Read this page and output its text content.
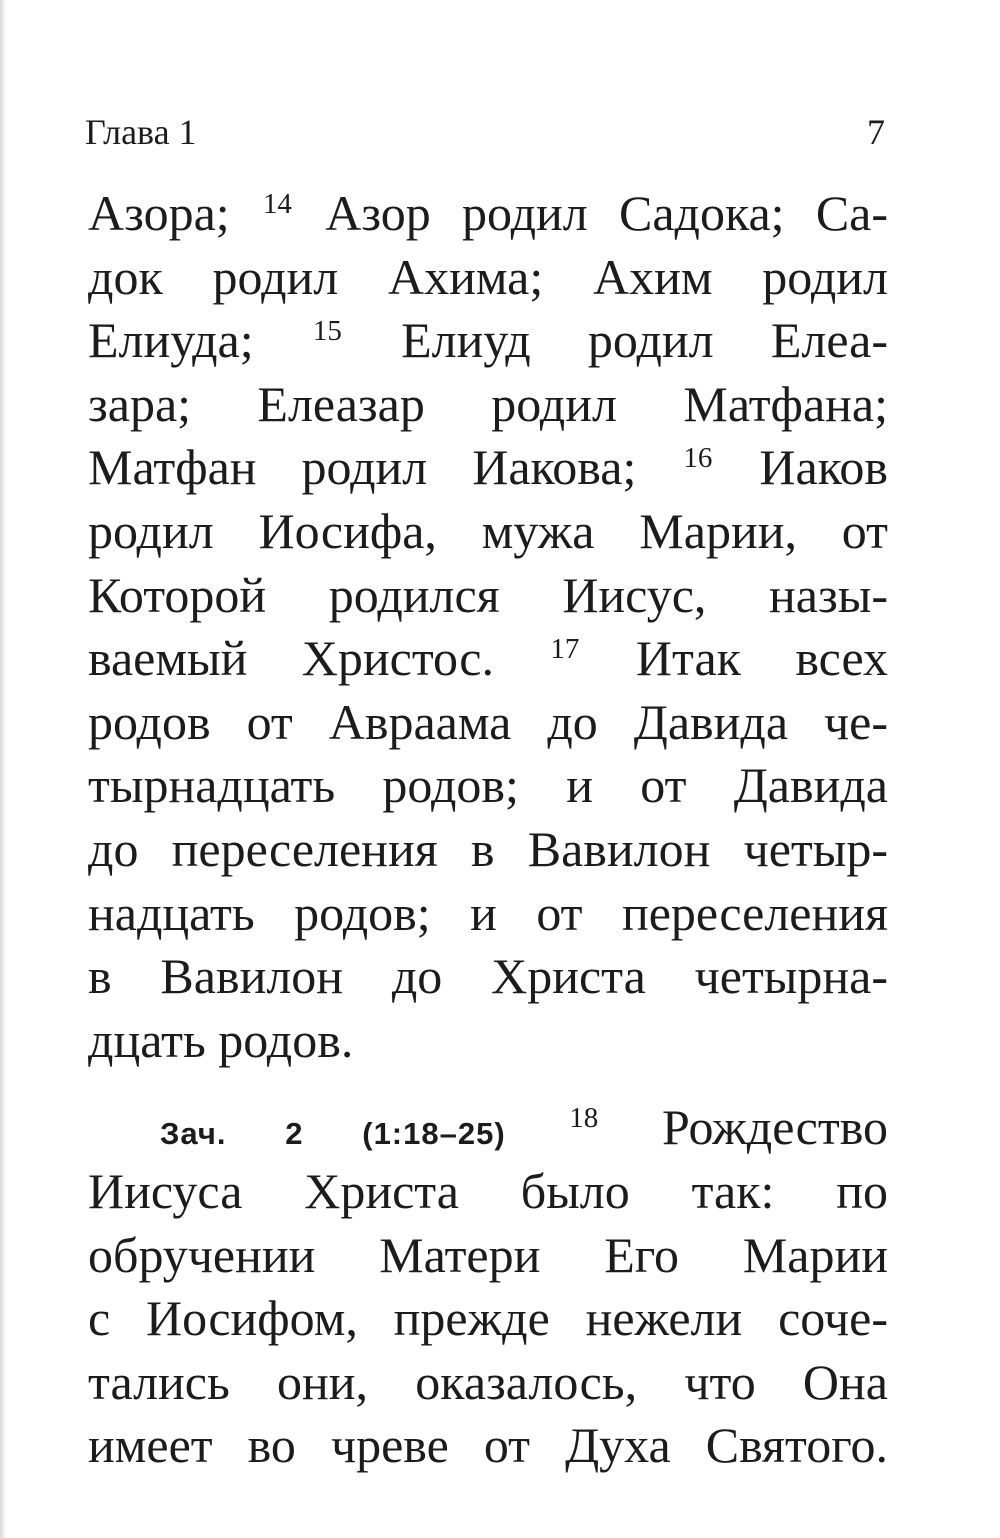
Глава 1	7
Азора; $^{14}$ Азор родил Садока; Са-
док родил Ахима; Ахим родил
Елиуда; $^{15}$ Елиуд родил Елеа-
зара; Елеазар родил Матфана;
Матфан родил Иакова; $^{16}$ Иаков
родил Иосифа, мужа Марии, от
Которой родился Иисус, назы-
ваемый Христос. $^{17}$ Итак всех
родов от Авраама до Давида че-
тырнадцать родов; и от Давида
до переселения в Вавилон четыр-
надцать родов; и от переселения
в Вавилон до Христа четырна-
дцать родов.
Зач. 2 (1:18–25) $^{18}$ Рождество
Иисуса Христа было так: по
обручении Матери Его Марии
с Иосифом, прежде нежели соче-
тались они, оказалось, что Она
имеет во чреве от Духа Святого.
